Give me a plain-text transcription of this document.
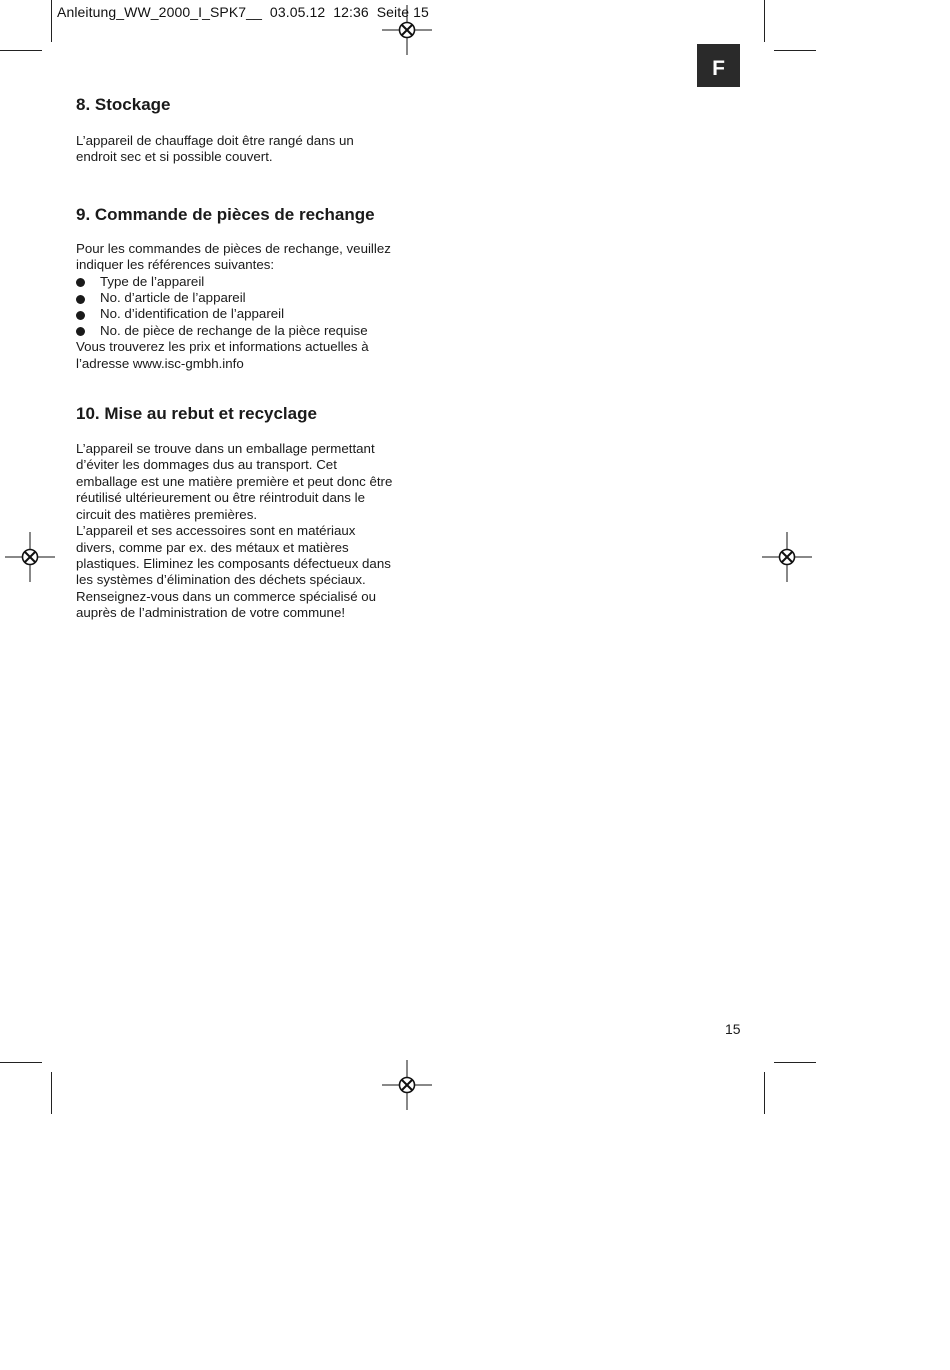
Anleitung_WW_2000_I_SPK7__  03.05.12  12:36  Seite 15
F
8. Stockage

L’appareil de chauffage doit être rangé dans un endroit sec et si possible couvert.

9. Commande de pièces de rechange

Pour les commandes de pièces de rechange, veuillez indiquer les références suivantes:

Type de l’appareil
No. d’article de l’appareil
No. d’identification de l’appareil
No. de pièce de rechange de la pièce requise

Vous trouverez les prix et informations actuelles à l’adresse www.isc-gmbh.info

10. Mise au rebut et recyclage

L’appareil se trouve dans un emballage permettant d’éviter les dommages dus au transport. Cet emballage est une matière première et peut donc être réutilisé ultérieurement ou être réintroduit dans le circuit des matières premières.

L’appareil et ses accessoires sont en matériaux divers, comme par ex. des métaux et matières plastiques. Eliminez les composants défectueux dans les systèmes d’élimination des déchets spéciaux. Renseignez-vous dans un commerce spécialisé ou auprès de l’administration de votre commune!

15
